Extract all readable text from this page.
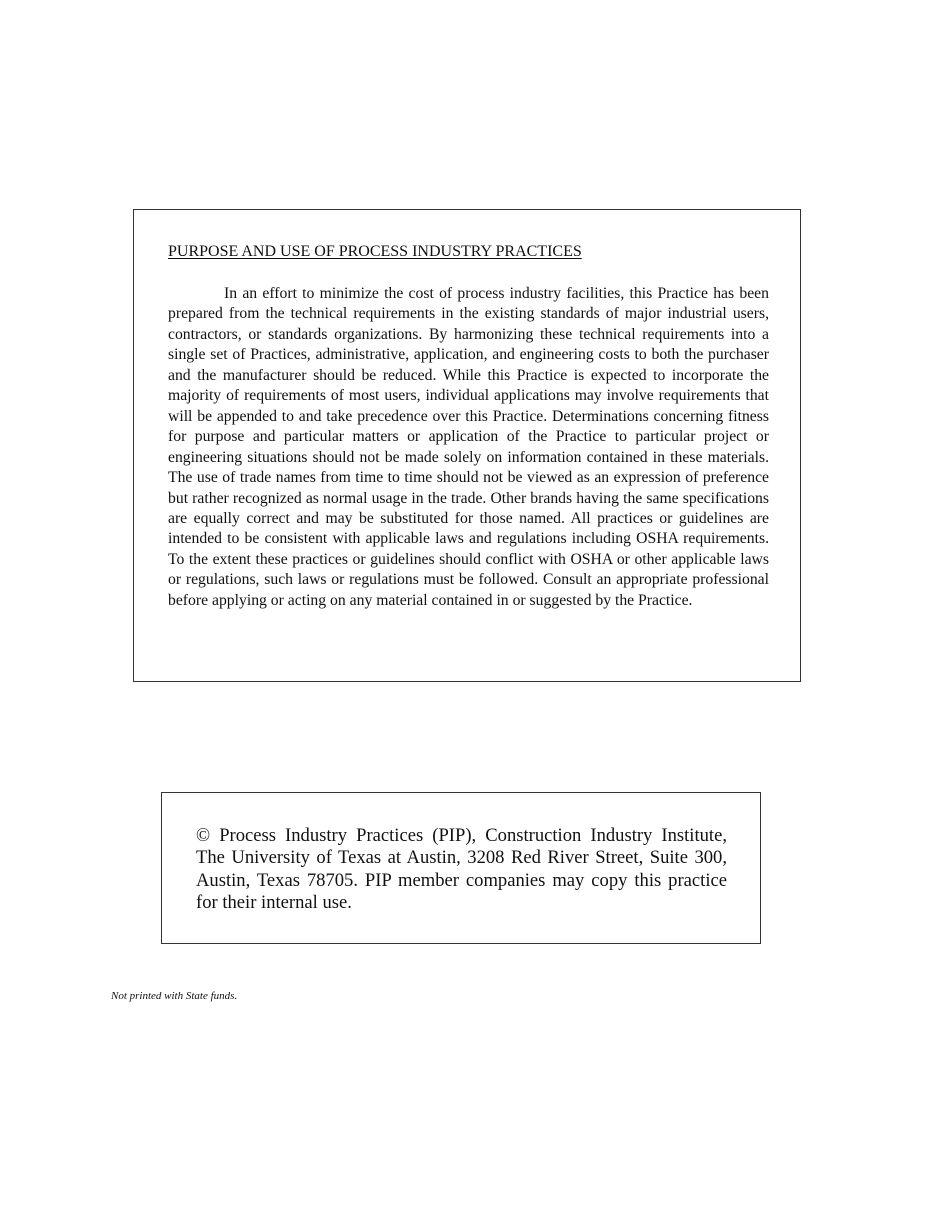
PURPOSE AND USE OF PROCESS INDUSTRY PRACTICES

In an effort to minimize the cost of process industry facilities, this Practice has been prepared from the technical requirements in the existing standards of major industrial users, contractors, or standards organizations. By harmonizing these technical requirements into a single set of Practices, administrative, application, and engineering costs to both the purchaser and the manufacturer should be reduced. While this Practice is expected to incorporate the majority of requirements of most users, individual applications may involve requirements that will be appended to and take precedence over this Practice. Determinations concerning fitness for purpose and particular matters or application of the Practice to particular project or engineering situations should not be made solely on information contained in these materials. The use of trade names from time to time should not be viewed as an expression of preference but rather recognized as normal usage in the trade. Other brands having the same specifications are equally correct and may be substituted for those named. All practices or guidelines are intended to be consistent with applicable laws and regulations including OSHA requirements. To the extent these practices or guidelines should conflict with OSHA or other applicable laws or regulations, such laws or regulations must be followed. Consult an appropriate professional before applying or acting on any material contained in or suggested by the Practice.

© Process Industry Practices (PIP), Construction Industry Institute, The University of Texas at Austin, 3208 Red River Street, Suite 300, Austin, Texas 78705. PIP member companies may copy this practice for their internal use.

Not printed with State funds.
